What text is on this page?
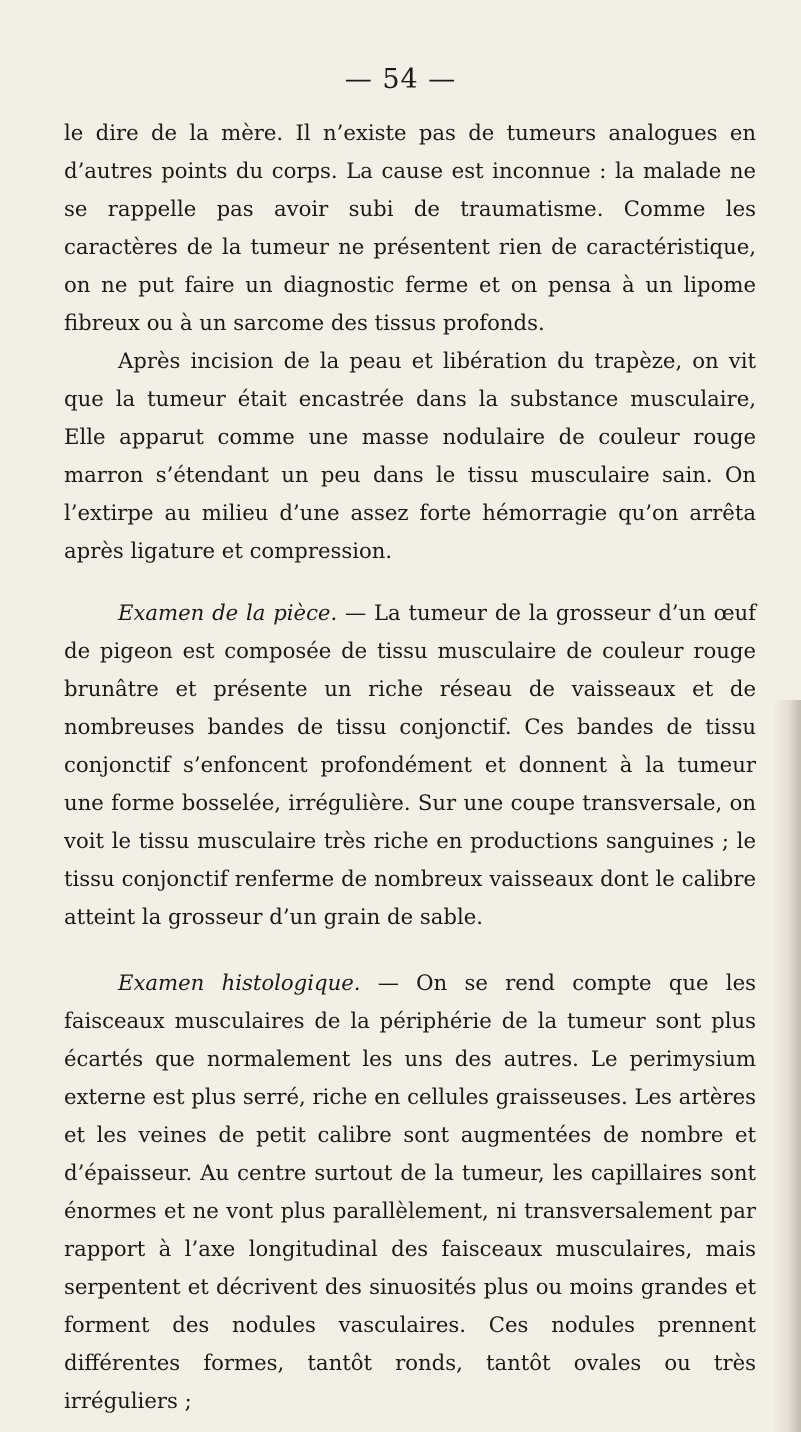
— 54 —

le dire de la mère. Il n’existe pas de tumeurs analogues en d’autres points du corps. La cause est inconnue : la malade ne se rappelle pas avoir subi de traumatisme. Comme les caractères de la tumeur ne présentent rien de caractéristique, on ne put faire un diagnostic ferme et on pensa à un lipome fibreux ou à un sarcome des tissus profonds.

Après incision de la peau et libération du trapèze, on vit que la tumeur était encastrée dans la substance musculaire, Elle apparut comme une masse nodulaire de couleur rouge marron s’étendant un peu dans le tissu musculaire sain. On l’extirpe au milieu d’une assez forte hémorragie qu’on arrêta après ligature et compression.

Examen de la pièce. — La tumeur de la grosseur d’un œuf de pigeon est composée de tissu musculaire de couleur rouge brunâtre et présente un riche réseau de vaisseaux et de nombreuses bandes de tissu conjonctif. Ces bandes de tissu conjonctif s’enfoncent profondément et donnent à la tumeur une forme bosselée, irrégulière. Sur une coupe transversale, on voit le tissu musculaire très riche en productions sanguines ; le tissu conjonctif renferme de nombreux vaisseaux dont le calibre atteint la grosseur d’un grain de sable.

Examen histologique. — On se rend compte que les faisceaux musculaires de la périphérie de la tumeur sont plus écartés que normalement les uns des autres. Le perimysium externe est plus serré, riche en cellules graisseuses. Les artères et les veines de petit calibre sont augmentées de nombre et d’épaisseur. Au centre surtout de la tumeur, les capillaires sont énormes et ne vont plus parallèlement, ni transversalement par rapport à l’axe longitudinal des faisceaux musculaires, mais serpentent et décrivent des sinuosités plus ou moins grandes et forment des nodules vasculaires. Ces nodules prennent différentes formes, tantôt ronds, tantôt ovales ou très irréguliers ;
